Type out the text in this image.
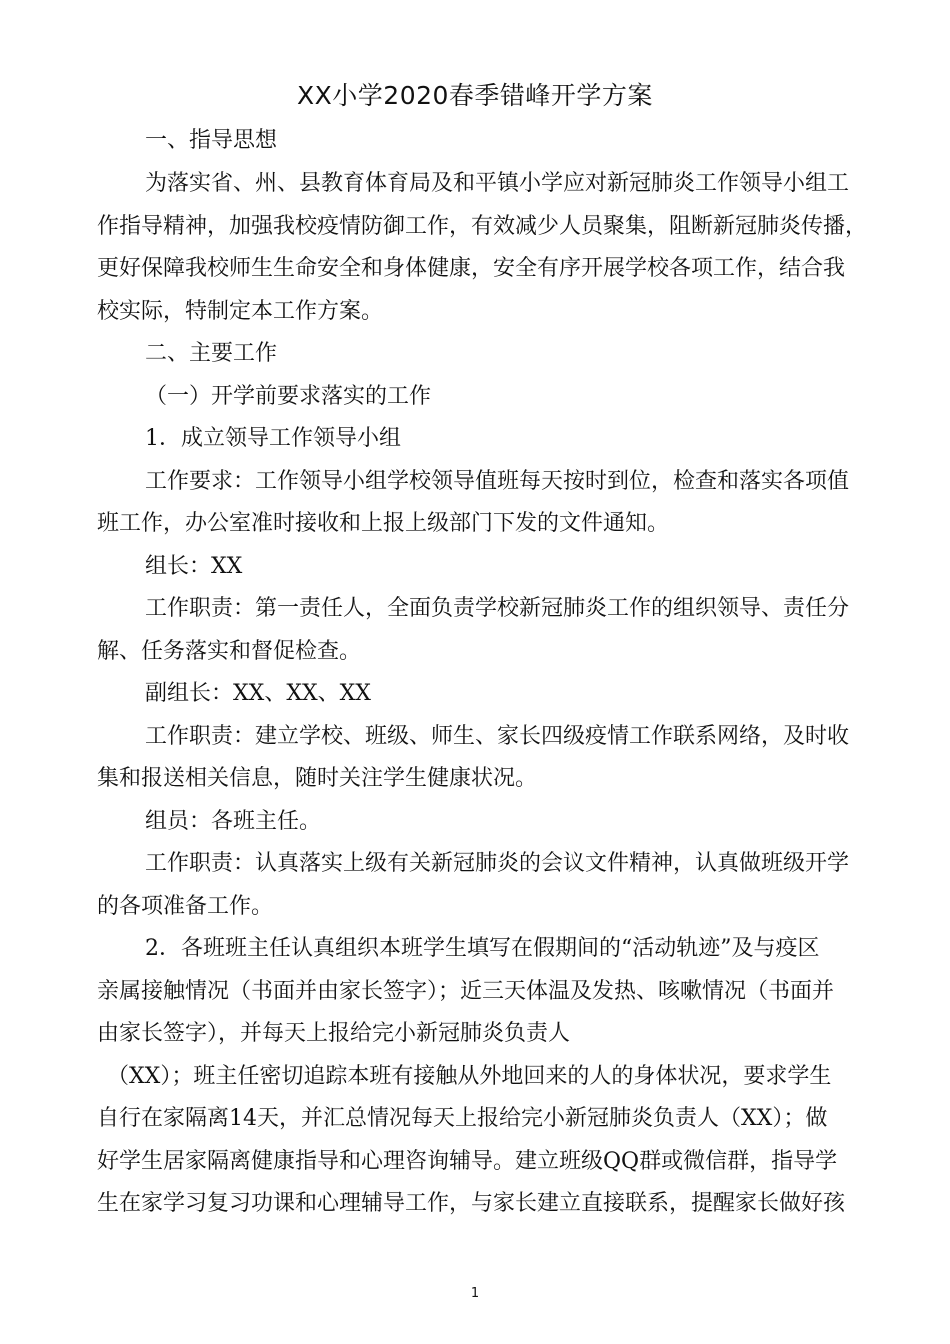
XX小学2020春季错峰开学方案

一、指导思想

为落实省、州、县教育体育局及和平镇小学应对新冠肺炎工作领导小组工

作指导精神，加强我校疫情防御工作，有效减少人员聚集，阻断新冠肺炎传播，

更好保障我校师生生命安全和身体健康，安全有序开展学校各项工作，结合我

校实际，特制定本工作方案。

二、主要工作

（一）开学前要求落实的工作

1．成立领导工作领导小组

工作要求：工作领导小组学校领导值班每天按时到位，检查和落实各项值

班工作，办公室准时接收和上报上级部门下发的文件通知。

组长：XX

工作职责：第一责任人，全面负责学校新冠肺炎工作的组织领导、责任分

解、任务落实和督促检查。

副组长：XX、XX、XX

工作职责：建立学校、班级、师生、家长四级疫情工作联系网络，及时收

集和报送相关信息，随时关注学生健康状况。

组员：各班主任。

工作职责：认真落实上级有关新冠肺炎的会议文件精神，认真做班级开学

的各项准备工作。

2．各班班主任认真组织本班学生填写在假期间的“活动轨迹”及与疫区

亲属接触情况（书面并由家长签字）；近三天体温及发热、咳嗽情况（书面并

由家长签字），并每天上报给完小新冠肺炎负责人

（XX）；班主任密切追踪本班有接触从外地回来的人的身体状况，要求学生

自行在家隔离14天，并汇总情况每天上报给完小新冠肺炎负责人（XX）；做

好学生居家隔离健康指导和心理咨询辅导。建立班级QQ群或微信群，指导学

生在家学习复习功课和心理辅导工作，与家长建立直接联系，提醒家长做好孩

1
